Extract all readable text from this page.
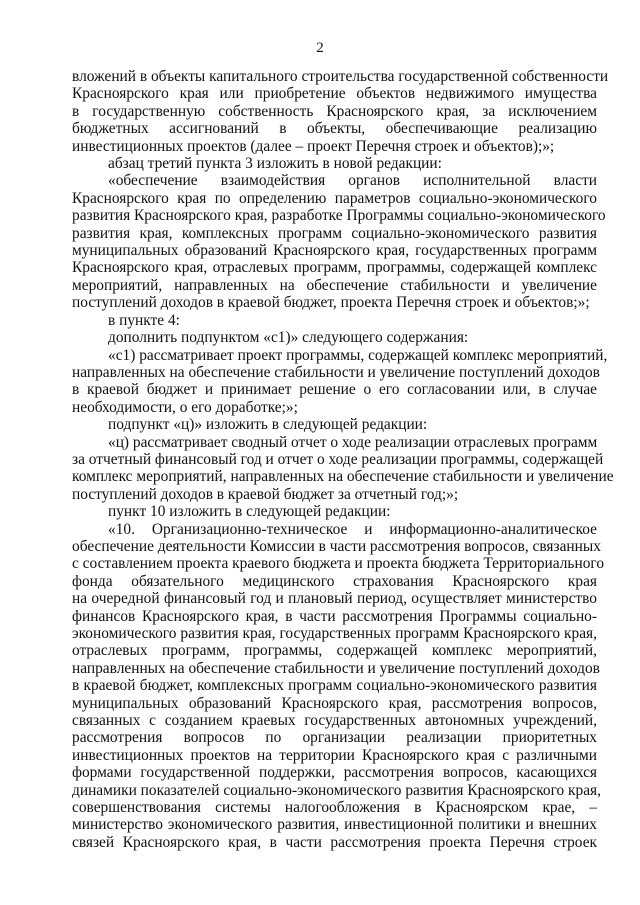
2
вложений в объекты капитального строительства государственной собственности
Красноярского края или приобретение объектов недвижимого имущества
в государственную собственность Красноярского края, за исключением
бюджетных ассигнований в объекты, обеспечивающие реализацию
инвестиционных проектов (далее – проект Перечня строек и объектов);»;
абзац третий пункта 3 изложить в новой редакции:
«обеспечение взаимодействия органов исполнительной власти
Красноярского края по определению параметров социально-экономического
развития Красноярского края, разработке Программы социально-экономического
развития края, комплексных программ социально-экономического развития
муниципальных образований Красноярского края, государственных программ
Красноярского края, отраслевых программ, программы, содержащей комплекс
мероприятий, направленных на обеспечение стабильности и увеличение
поступлений доходов в краевой бюджет, проекта Перечня строек и объектов;»;
в пункте 4:
дополнить подпунктом «с1)» следующего содержания:
«с1) рассматривает проект программы, содержащей комплекс мероприятий,
направленных на обеспечение стабильности и увеличение поступлений доходов
в краевой бюджет и принимает решение о его согласовании или, в случае
необходимости, о его доработке;»;
подпункт «ц)» изложить в следующей редакции:
«ц) рассматривает сводный отчет о ходе реализации отраслевых программ
за отчетный финансовый год и отчет о ходе реализации программы, содержащей
комплекс мероприятий, направленных на обеспечение стабильности и увеличение
поступлений доходов в краевой бюджет за отчетный год;»;
пункт 10 изложить в следующей редакции:
«10. Организационно-техническое и информационно-аналитическое
обеспечение деятельности Комиссии в части рассмотрения вопросов, связанных
с составлением проекта краевого бюджета и проекта бюджета Территориального
фонда обязательного медицинского страхования Красноярского края
на очередной финансовый год и плановый период, осуществляет министерство
финансов Красноярского края, в части рассмотрения Программы социально-
экономического развития края, государственных программ Красноярского края,
отраслевых программ, программы, содержащей комплекс мероприятий,
направленных на обеспечение стабильности и увеличение поступлений доходов
в краевой бюджет, комплексных программ социально-экономического развития
муниципальных образований Красноярского края, рассмотрения вопросов,
связанных с созданием краевых государственных автономных учреждений,
рассмотрения вопросов по организации реализации приоритетных
инвестиционных проектов на территории Красноярского края с различными
формами государственной поддержки, рассмотрения вопросов, касающихся
динамики показателей социально-экономического развития Красноярского края,
совершенствования системы налогообложения в Красноярском крае, –
министерство экономического развития, инвестиционной политики и внешних
связей Красноярского края, в части рассмотрения проекта Перечня строек
